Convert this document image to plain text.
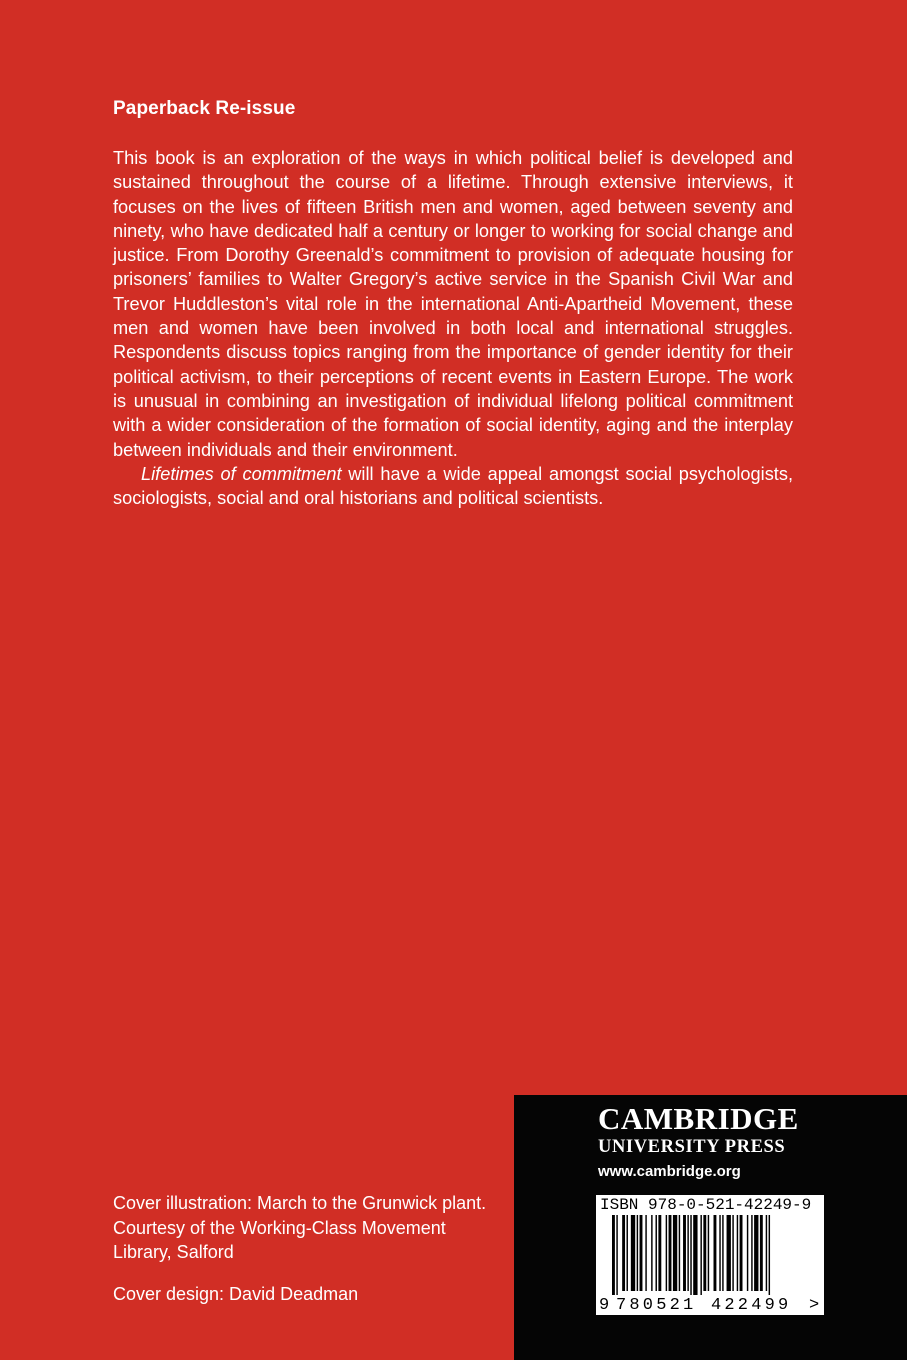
Paperback Re-issue

This book is an exploration of the ways in which political belief is developed and sustained throughout the course of a lifetime. Through extensive interviews, it focuses on the lives of fifteen British men and women, aged between seventy and ninety, who have dedicated half a century or longer to working for social change and justice. From Dorothy Greenald’s commitment to provision of adequate housing for prisoners’ families to Walter Gregory’s active service in the Spanish Civil War and Trevor Huddleston’s vital role in the international Anti-Apartheid Movement, these men and women have been involved in both local and international struggles. Respondents discuss topics ranging from the importance of gender identity for their political activism, to their perceptions of recent events in Eastern Europe. The work is unusual in combining an investigation of individual lifelong political commitment with a wider consideration of the formation of social identity, aging and the interplay between individuals and their environment.

Lifetimes of commitment will have a wide appeal amongst social psychologists, sociologists, social and oral historians and political scientists.

Cover illustration: March to the Grunwick plant. Courtesy of the Working-Class Movement Library, Salford

Cover design: David Deadman

CAMBRIDGE
UNIVERSITY PRESS
www.cambridge.org
ISBN 978-0-521-42249-9
9 780521 422499 >
